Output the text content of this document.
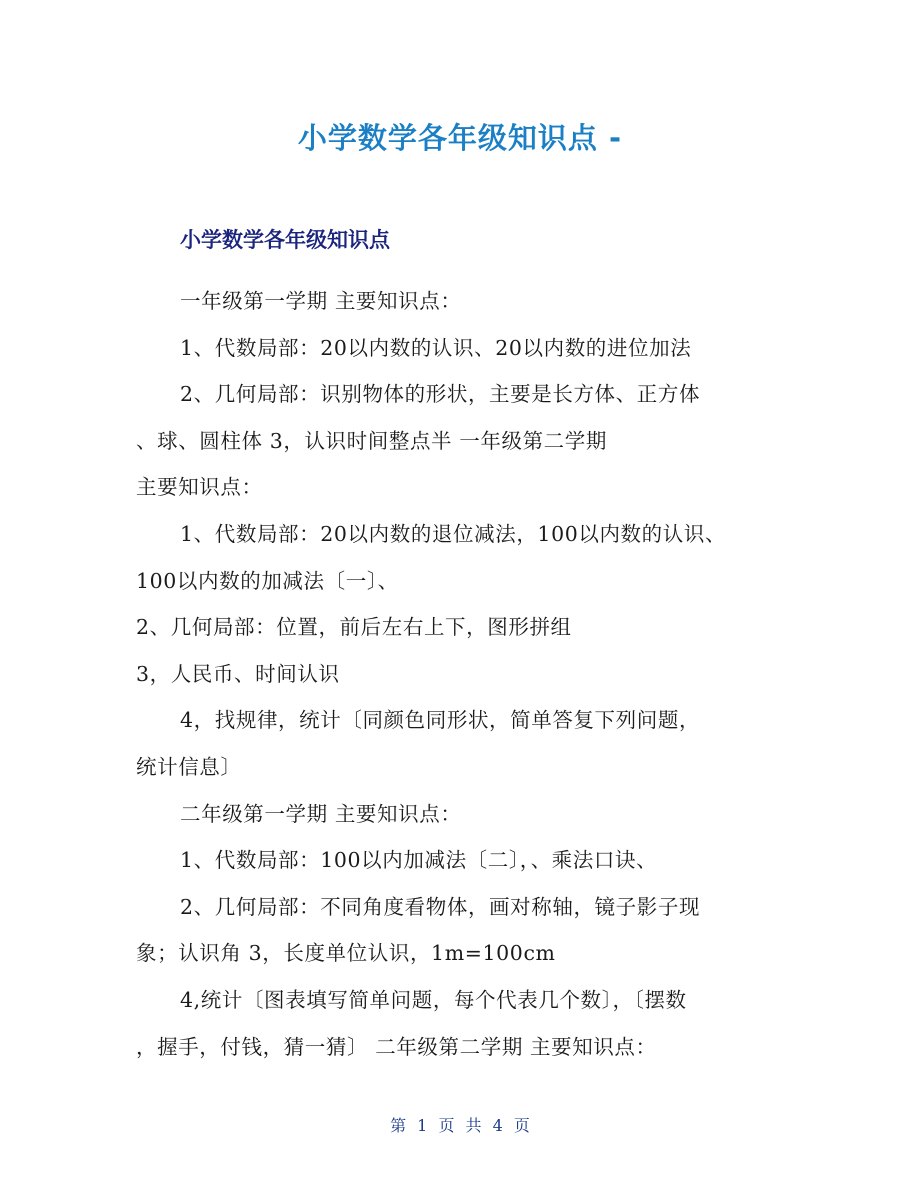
小学数学各年级知识点 -
小学数学各年级知识点
一年级第一学期 主要知识点：
1、代数局部：20以内数的认识、20以内数的进位加法
2、几何局部：识别物体的形状，主要是长方体、正方体
、球、圆柱体 3，认识时间整点半 一年级第二学期
主要知识点：
1、代数局部：20以内数的退位减法，100以内数的认识、
100以内数的加减法〔一〕、
2、几何局部：位置，前后左右上下，图形拼组
3，人民币、时间认识
4，找规律，统计〔同颜色同形状，简单答复下列问题，
统计信息〕
二年级第一学期 主要知识点：
1、代数局部：100以内加减法〔二〕，、乘法口诀、
2、几何局部：不同角度看物体，画对称轴，镜子影子现
象；认识角 3，长度单位认识，1m=100cm
4,统计〔图表填写简单问题，每个代表几个数〕，〔摆数
，握手，付钱，猜一猜〕 二年级第二学期 主要知识点：
第 1 页 共 4 页
